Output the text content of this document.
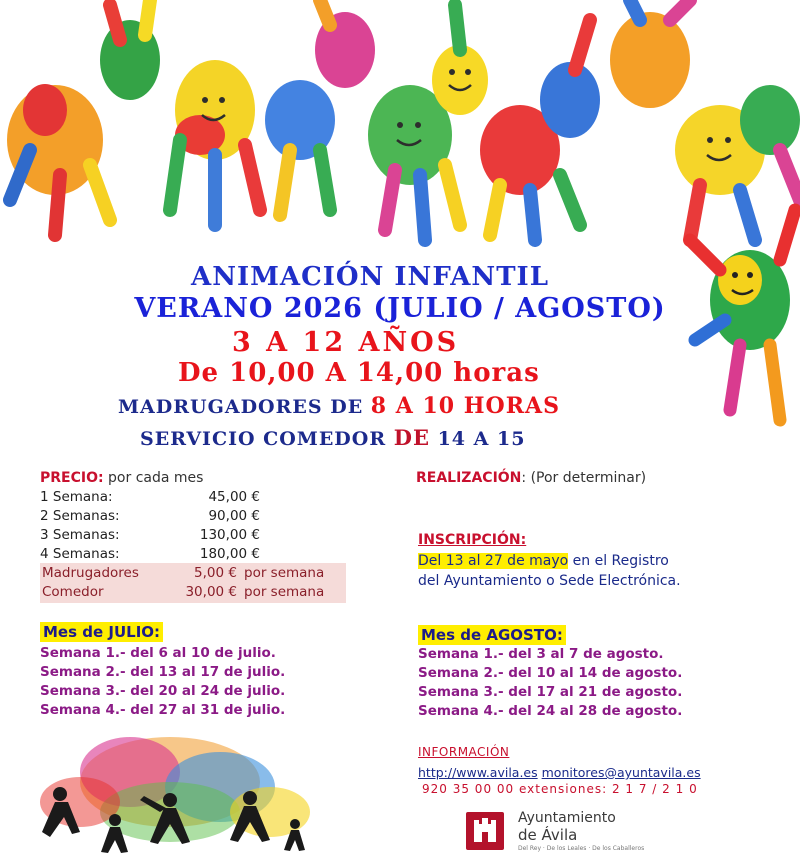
ANIMACIÓN INFANTIL
VERANO 2026 (JULIO / AGOSTO)
3 A 12 AÑOS
De 10,00 A 14,00 horas
MADRUGADORES DE 8 A 10 HORAS
SERVICIO COMEDOR DE 14 A 15
PRECIO: por cada mes
1 Semana:	45,00 €
2 Semanas:	90,00 €
3 Semanas:	130,00 €
4 Semanas:	180,00 €
Madrugadores	5,00 € por semana
Comedor	30,00 € por semana
Mes de JULIO:
Semana 1.- del 6 al 10 de julio.
Semana 2.- del 13 al 17 de julio.
Semana 3.- del 20 al 24 de julio.
Semana 4.- del 27 al 31 de julio.
REALIZACIÓN: (Por determinar)
INSCRIPCIÓN:
Del 13 al 27 de mayo en el Registro
del Ayuntamiento o Sede Electrónica.
Mes de AGOSTO:
Semana 1.- del 3 al 7 de agosto.
Semana 2.- del 10 al 14 de agosto.
Semana 3.- del 17 al 21 de agosto.
Semana 4.- del 24 al 28 de agosto.
INFORMACIÓN
http://www.avila.es monitores@ayuntavila.es
920 35 00 00 extensiones: 2 1 7 / 2 1 0
Ayuntamiento
de Ávila
Del Rey · De los Leales · De los Caballeros
